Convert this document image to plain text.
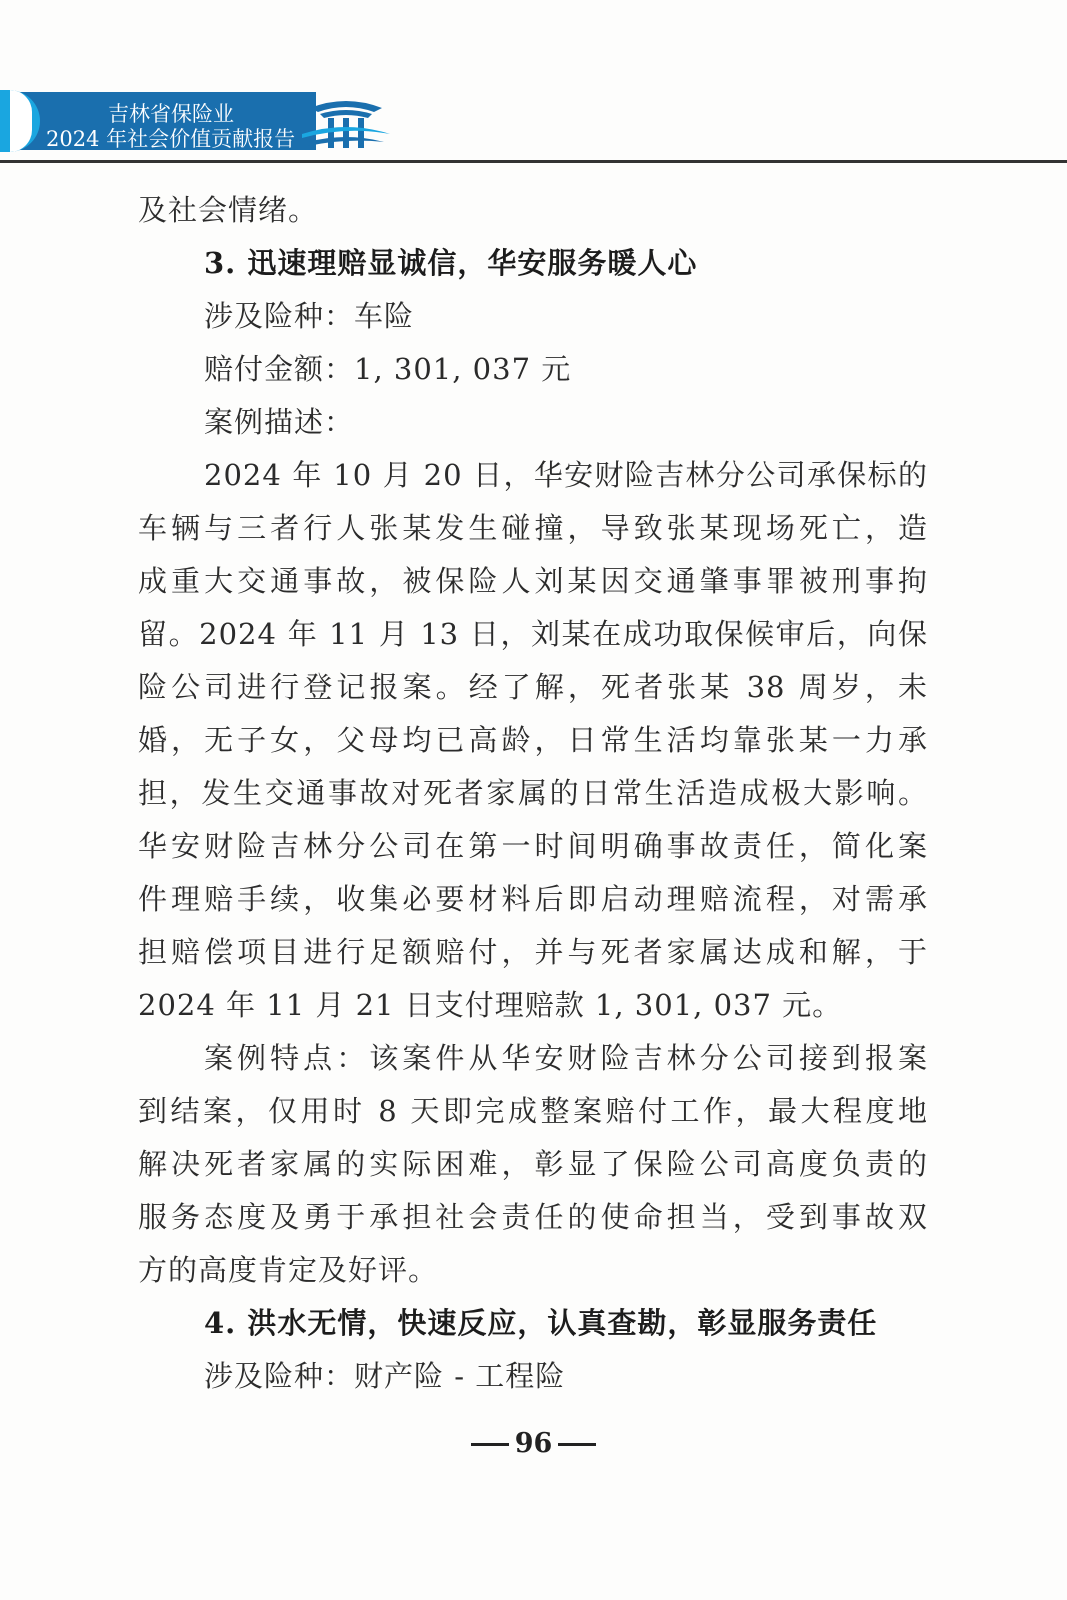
吉林省保险业
2024 年社会价值贡献报告
及社会情绪。
3. 迅速理赔显诚信，华安服务暖人心
涉及险种：车险
赔付金额：1, 301, 037 元
案例描述：
2024 年 10 月 20 日，华安财险吉林分公司承保标的
车辆与三者行人张某发生碰撞，导致张某现场死亡，造
成重大交通事故，被保险人刘某因交通肇事罪被刑事拘
留。2024 年 11 月 13 日，刘某在成功取保候审后，向保
险公司进行登记报案。经了解，死者张某 38 周岁，未
婚，无子女，父母均已高龄，日常生活均靠张某一力承
担，发生交通事故对死者家属的日常生活造成极大影响。
华安财险吉林分公司在第一时间明确事故责任，简化案
件理赔手续，收集必要材料后即启动理赔流程，对需承
担赔偿项目进行足额赔付，并与死者家属达成和解，于
2024 年 11 月 21 日支付理赔款 1, 301, 037 元。
案例特点：该案件从华安财险吉林分公司接到报案
到结案，仅用时 8 天即完成整案赔付工作，最大程度地
解决死者家属的实际困难，彰显了保险公司高度负责的
服务态度及勇于承担社会责任的使命担当，受到事故双
方的高度肯定及好评。
4. 洪水无情，快速反应，认真查勘，彰显服务责任
涉及险种：财产险 - 工程险
96
